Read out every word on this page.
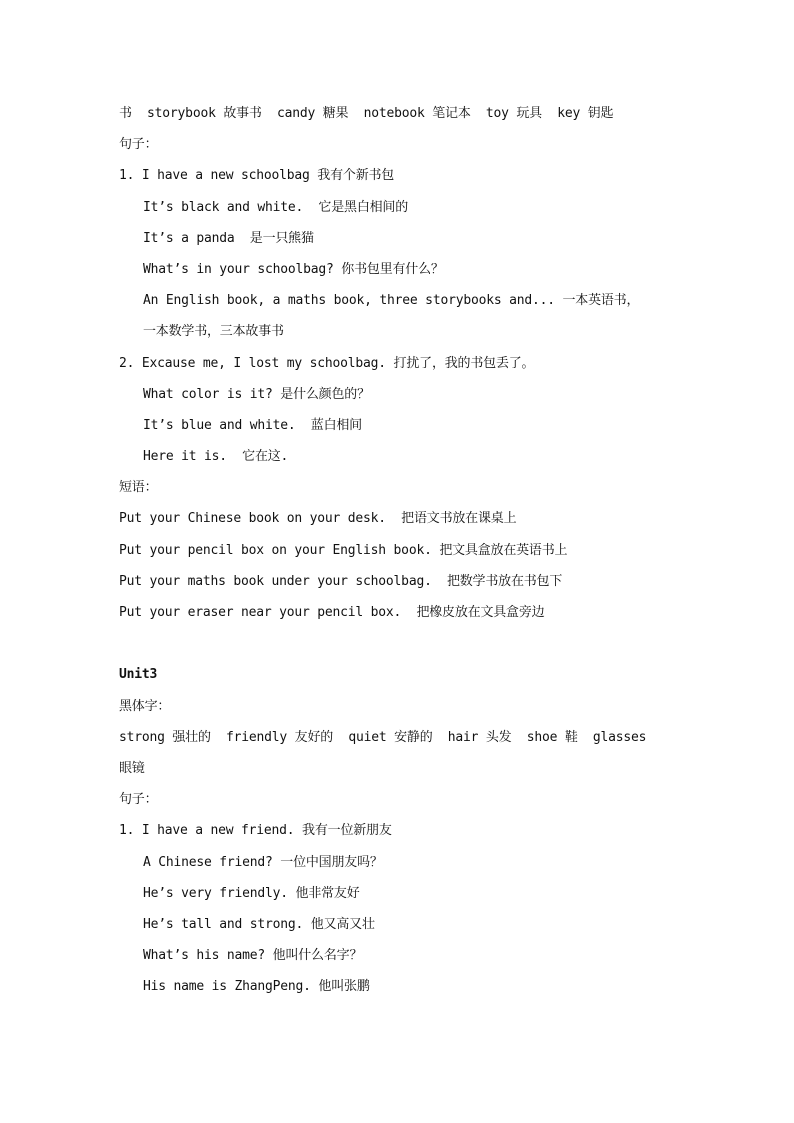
书  storybook 故事书  candy 糖果  notebook 笔记本  toy 玩具  key 钥匙
句子：
1. I have a new schoolbag 我有个新书包
It’s black and white.  它是黑白相间的
It’s a panda  是一只熊猫
What’s in your schoolbag? 你书包里有什么？
An English book, a maths book, three storybooks and... 一本英语书，
一本数学书，三本故事书
2. Excause me, I lost my schoolbag. 打扰了，我的书包丢了。
What color is it? 是什么颜色的？
It’s blue and white.  蓝白相间
Here it is.  它在这.
短语：
Put your Chinese book on your desk.  把语文书放在课桌上
Put your pencil box on your English book. 把文具盒放在英语书上
Put your maths book under your schoolbag.  把数学书放在书包下
Put your eraser near your pencil box.  把橡皮放在文具盒旁边
Unit3
黑体字：
strong 强壮的  friendly 友好的  quiet 安静的  hair 头发  shoe 鞋  glasses
眼镜
句子：
1. I have a new friend. 我有一位新朋友
A Chinese friend? 一位中国朋友吗？
He’s very friendly. 他非常友好
He’s tall and strong. 他又高又壮
What’s his name? 他叫什么名字？
His name is ZhangPeng. 他叫张鹏
